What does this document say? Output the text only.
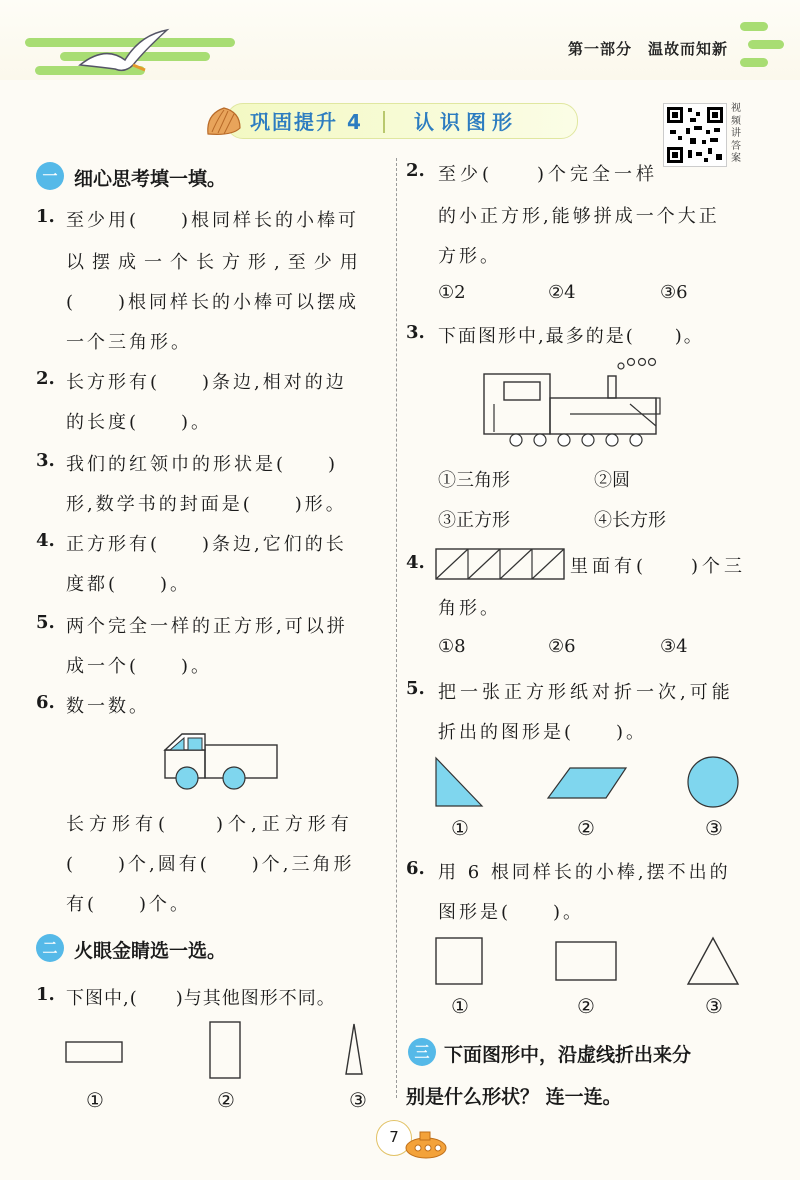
第一部分　温故而知新
巩固提升 4	认识图形
视频讲答案
一 细心思考填一填。
1. 至少用(　　)根同样长的小棒可
以摆成一个长方形,至少用
(　　)根同样长的小棒可以摆成
一个三角形。
2. 长方形有(　　)条边,相对的边
的长度(　　)。
3. 我们的红领巾的形状是(　　)
形,数学书的封面是(　　)形。
4. 正方形有(　　)条边,它们的长
度都(　　)。
5. 两个完全一样的正方形,可以拼
成一个(　　)。
6. 数一数。
长方形有(　　)个,正方形有
(　　)个,圆有(　　)个,三角形
有(　　)个。
二 火眼金睛选一选。
1. 下图中,(　　)与其他图形不同。
①	②	③
2. 至少(　　)个完全一样
的小正方形,能够拼成一个大正
方形。
①2	②4	③6
3. 下面图形中,最多的是(　　)。
①三角形	②圆
③正方形	④长方形
4.	里面有(　　)个三
角形。
①8	②6	③4
5. 把一张正方形纸对折一次,可能
折出的图形是(　　)。
①	②	③
6. 用 6 根同样长的小棒,摆不出的
图形是(　　)。
①	②	③
三 下面图形中，沿虚线折出来分
别是什么形状？ 连一连。
7
